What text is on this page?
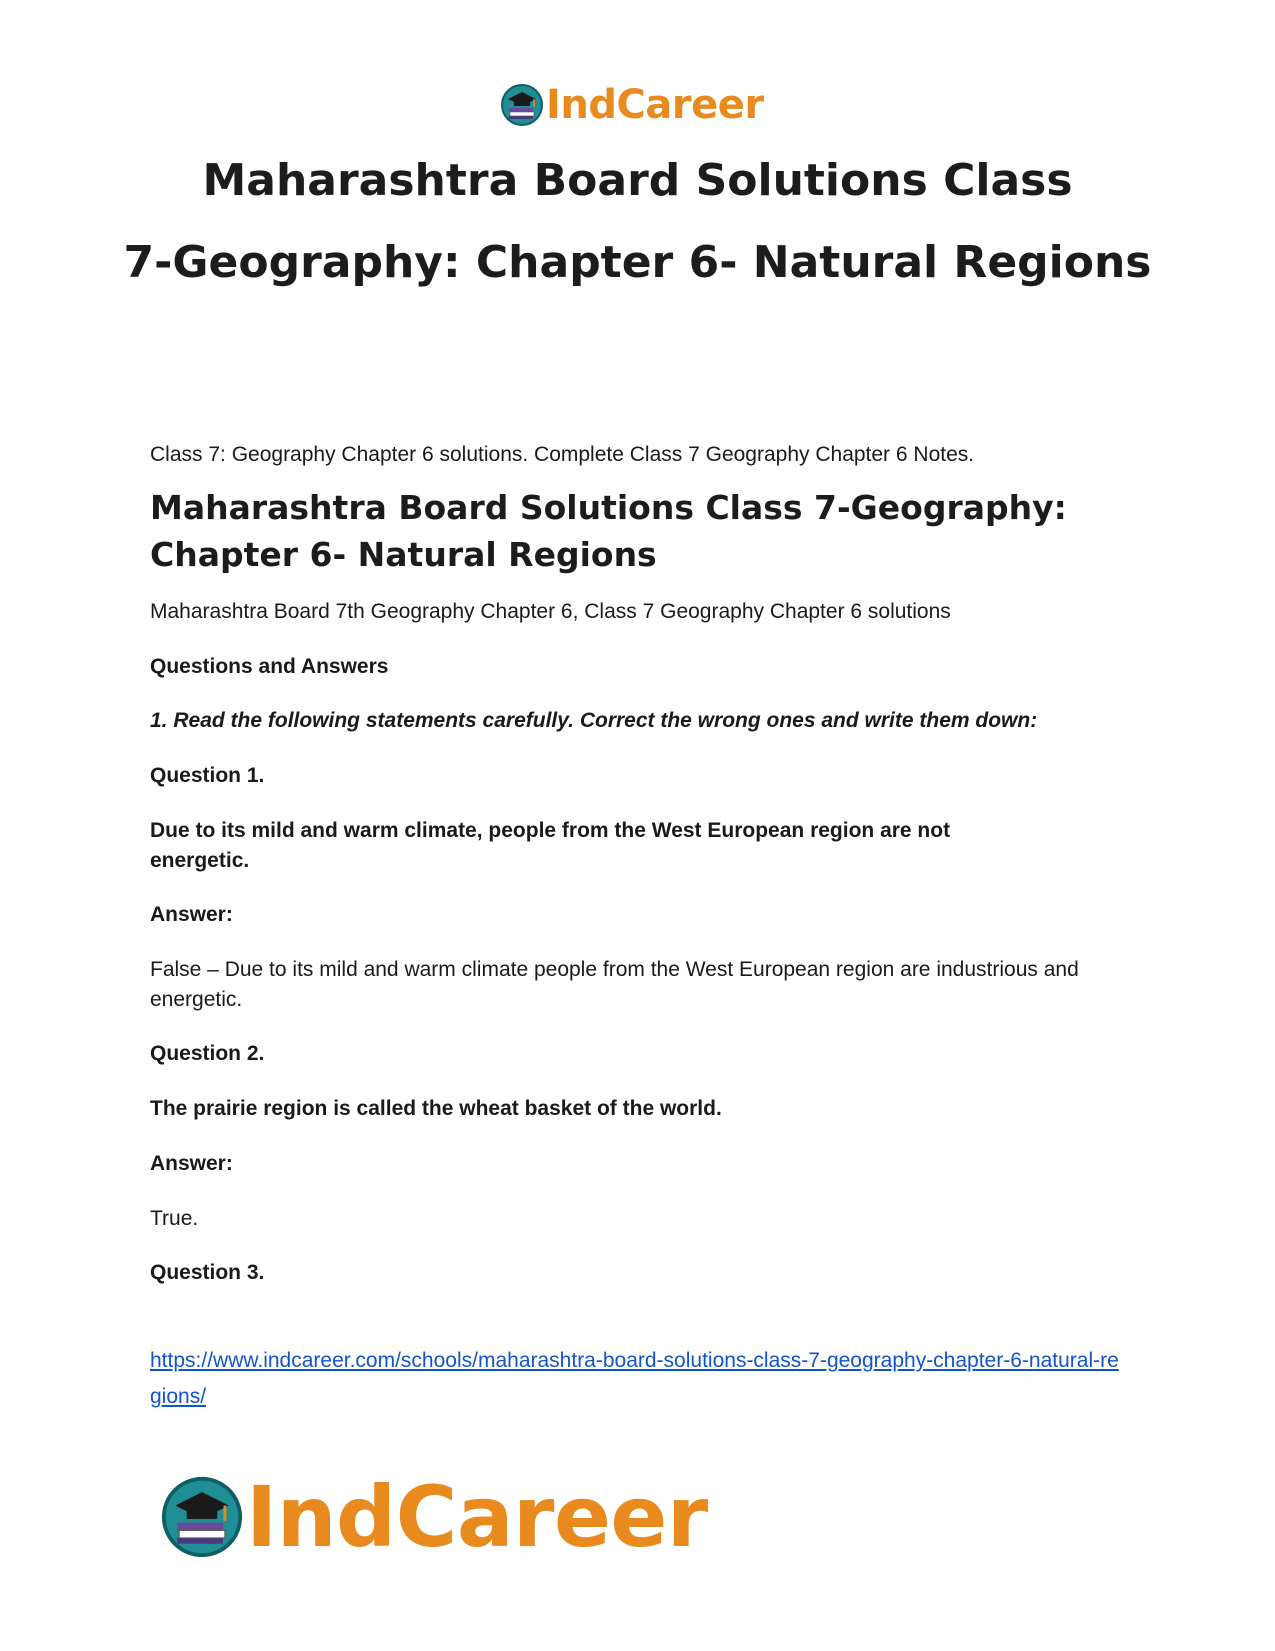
IndCareer
Maharashtra Board Solutions Class
7-Geography: Chapter 6- Natural Regions

Class 7: Geography Chapter 6 solutions. Complete Class 7 Geography Chapter 6 Notes.

Maharashtra Board Solutions Class 7-Geography: Chapter 6- Natural Regions

Maharashtra Board 7th Geography Chapter 6, Class 7 Geography Chapter 6 solutions

Questions and Answers

1. Read the following statements carefully. Correct the wrong ones and write them down:

Question 1.

Due to its mild and warm climate, people from the West European region are not energetic.

Answer:

False – Due to its mild and warm climate people from the West European region are industrious and energetic.

Question 2.

The prairie region is called the wheat basket of the world.

Answer:

True.

Question 3.

https://www.indcareer.com/schools/maharashtra-board-solutions-class-7-geography-chapter-6-natural-regions/
IndCareer
